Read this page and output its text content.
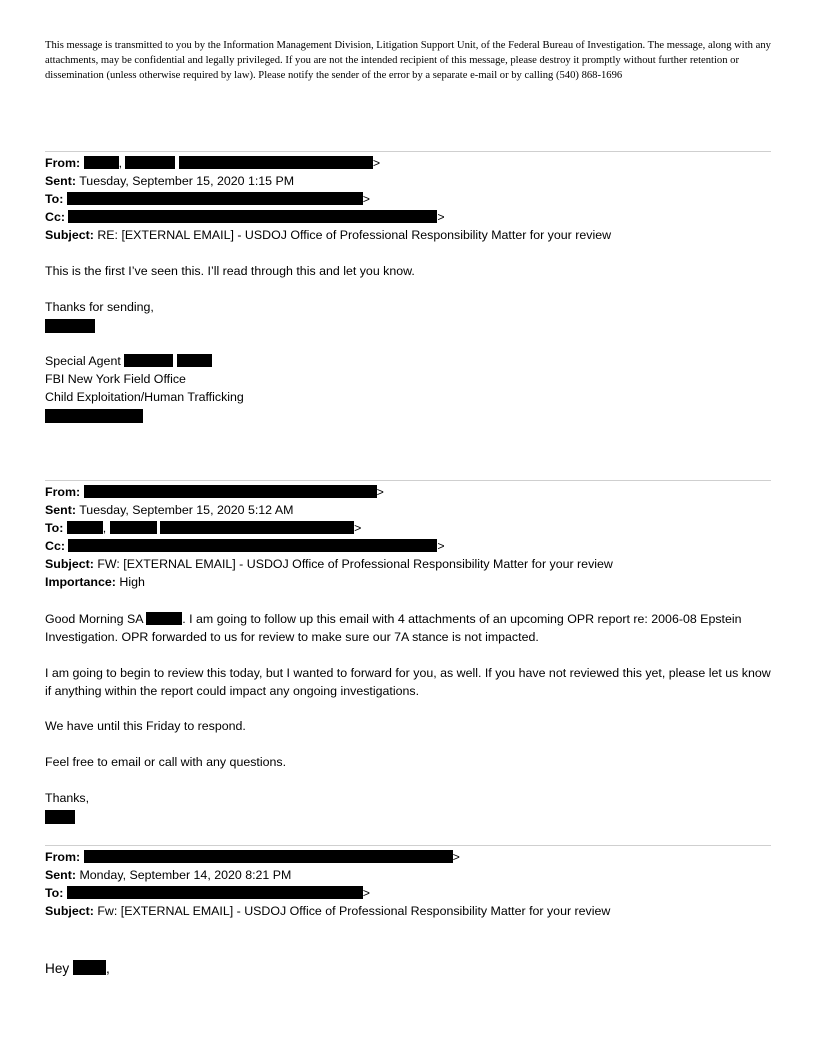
This message is transmitted to you by the Information Management Division, Litigation Support Unit, of the Federal Bureau of Investigation. The message, along with any attachments, may be confidential and legally privileged. If you are not the intended recipient of this message, please destroy it promptly without further retention or dissemination (unless otherwise required by law). Please notify the sender of the error by a separate e-mail or by calling (540) 868-1696
From:	,	>
Sent: Tuesday, September 15, 2020 1:15 PM
To:	>
Cc:	>
Subject: RE: [EXTERNAL EMAIL] - USDOJ Office of Professional Responsibility Matter for your review
This is the first I’ve seen this. I’ll read through this and let you know.
Thanks for sending,
Special Agent
FBI New York Field Office
Child Exploitation/Human Trafficking
From:	>
Sent: Tuesday, September 15, 2020 5:12 AM
To:	,	>
Cc:	>
Subject: FW: [EXTERNAL EMAIL] - USDOJ Office of Professional Responsibility Matter for your review
Importance: High
Good Morning SA	. I am going to follow up this email with 4 attachments of an upcoming OPR report re: 2006-08 Epstein Investigation. OPR forwarded to us for review to make sure our 7A stance is not impacted.
I am going to begin to review this today, but I wanted to forward for you, as well. If you have not reviewed this yet, please let us know if anything within the report could impact any ongoing investigations.
We have until this Friday to respond.
Feel free to email or call with any questions.
Thanks,
From:	>
Sent: Monday, September 14, 2020 8:21 PM
To:	>
Subject: Fw: [EXTERNAL EMAIL] - USDOJ Office of Professional Responsibility Matter for your review
Hey	,
